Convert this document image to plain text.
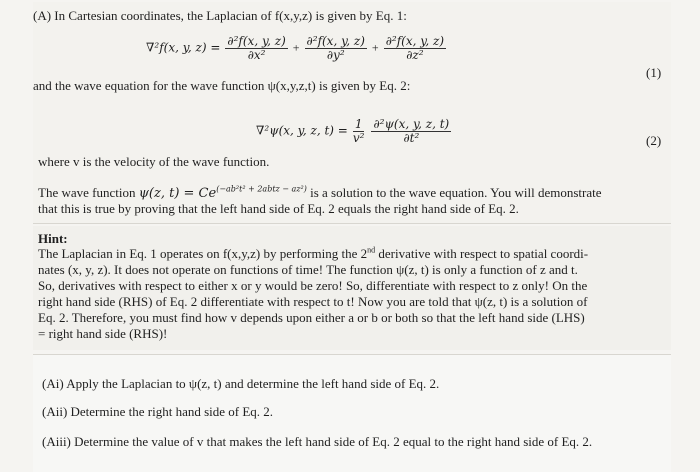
(A) In Cartesian coordinates, the Laplacian of f(x,y,z) is given by Eq. 1:
∇²f(x, y, $z) = \frac{\text{∂²f(x, y, z)}}{\text{∂x²}} + \frac{\text{∂²f(x, y, z)}}{\text{∂y²}} + \frac{\text{∂²f(x, y, z)}}{\text{∂z²}}$
(1)
and the wave equation for the wave function ψ(x,y,z,t) is given by Eq. 2:
∇²ψ(x, y, z, $t) = \frac{1}{\text{v²}}$
$\frac{\text{∂²ψ(x, y, z, t)}}{\text{∂t²}}$	(2)
where v is the velocity of the wave function.
The wave function ψ(z, $t) = Ce^{(-ab^2t^2 + 2abtz - az^2)}$ is a solution to the wave equation. You will demonstrate
that this is true by proving that the left hand side of Eq. 2 equals the right hand side of Eq. 2.
Hint:
The Laplacian in Eq. 1 operates on f(x,y,z) by performing the 2nd derivative with respect to spatial coordi-
nates (x, y, z). It does not operate on functions of time! The function ψ(z, t) is only a function of z and t.
So, derivatives with respect to either x or y would be zero! So, differentiate with respect to z only! On the
right hand side (RHS) of Eq. 2 differentiate with respect to t! Now you are told that ψ(z, t) is a solution of
Eq. 2. Therefore, you must find how v depends upon either a or b or both so that the left hand side (LHS)
= right hand side (RHS)!
(Ai) Apply the Laplacian to ψ(z, t) and determine the left hand side of Eq. 2.
(Aii) Determine the right hand side of Eq. 2.
(Aiii) Determine the value of v that makes the left hand side of Eq. 2 equal to the right hand side of Eq. 2.
